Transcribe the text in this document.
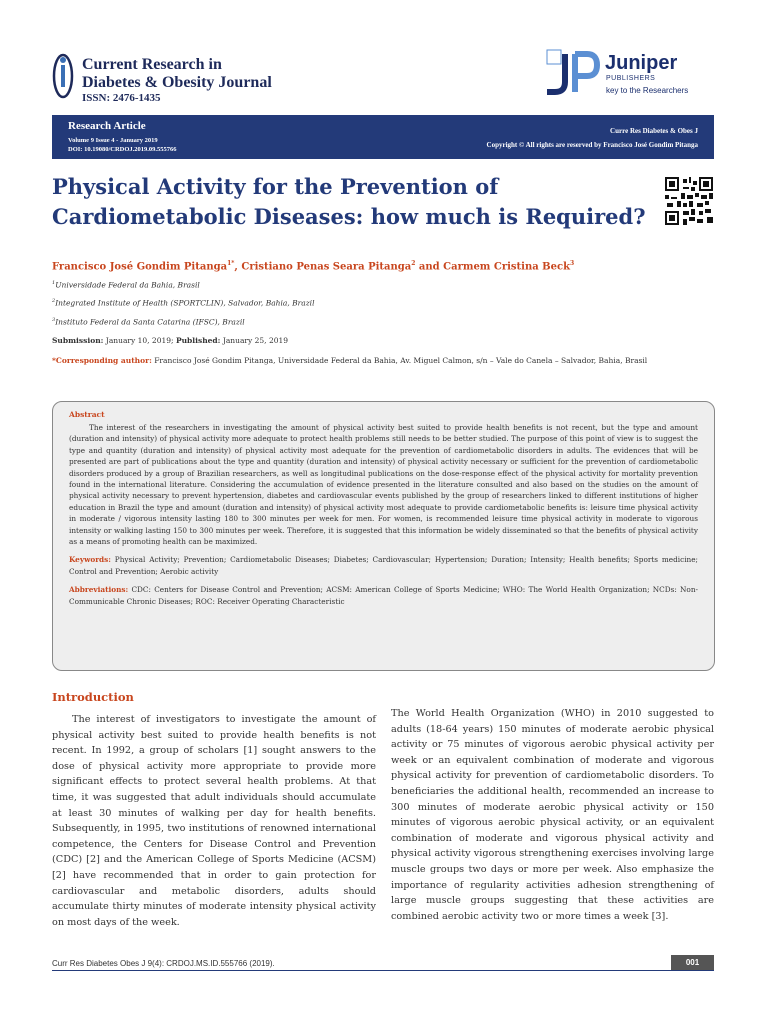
Current Research in
Diabetes & Obesity Journal
ISSN: 2476-1435
Juniper
PUBLISHERS
key to the Researchers
Research Article
Volume 9 Issue 4 - January 2019
DOI: 10.19080/CRDOJ.2019.09.555766
Curre Res Diabetes & Obes J
Copyright © All rights are reserved by Francisco José Gondim Pitanga
Physical Activity for the Prevention of
Cardiometabolic Diseases: how much is Required?
Francisco José Gondim Pitanga$^{1*}$, Cristiano Penas Seara Pitanga$^2$ and Carmem Cristina Beck$^3$
$^1$Universidade Federal da Bahia, Brasil
$^2$Integrated Institute of Health (SPORTCLIN), Salvador, Bahia, Brazil
$^3$Instituto Federal da Santa Catarina (IFSC), Brazil
Submission: January 10, 2019; Published: January 25, 2019
*Corresponding author: Francisco José Gondim Pitanga, Universidade Federal da Bahia, Av. Miguel Calmon, s/n – Vale do Canela – Salvador, Bahia, Brasil
Abstract
The interest of the researchers in investigating the amount of physical activity best suited to provide health benefits is not recent, but the type and amount (duration and intensity) of physical activity more adequate to protect health problems still needs to be better studied. The purpose of this point of view is to suggest the type and quantity (duration and intensity) of physical activity most adequate for the prevention of cardiometabolic disorders in adults. The evidences that will be presented are part of publications about the type and quantity (duration and intensity) of physical activity necessary or sufficient for the prevention of cardiometabolic disorders produced by a group of Brazilian researchers, as well as longitudinal publications on the dose-response effect of the physical activity for mortality prevention found in the international literature. Considering the accumulation of evidence presented in the literature consulted and also based on the studies on the amount of physical activity necessary to prevent hypertension, diabetes and cardiovascular events published by the group of researchers linked to different institutions of higher education in Brazil the type and amount (duration and intensity) of physical activity most adequate to provide cardiometabolic benefits is: leisure time physical activity in moderate / vigorous intensity lasting 180 to 300 minutes per week for men. For women, is recommended leisure time physical activity in moderate to vigorous intensity or walking lasting 150 to 300 minutes per week. Therefore, it is suggested that this information be widely disseminated so that the benefits of physical activity as a means of promoting health can be maximized.
Keywords: Physical Activity; Prevention; Cardiometabolic Diseases; Diabetes; Cardiovascular; Hypertension; Duration; Intensity; Health benefits; Sports medicine; Control and Prevention; Aerobic activity
Abbreviations: CDC: Centers for Disease Control and Prevention; ACSM: American College of Sports Medicine; WHO: The World Health Organization; NCDs: Non-Communicable Chronic Diseases; ROC: Receiver Operating Characteristic
Introduction
The interest of investigators to investigate the amount of physical activity best suited to provide health benefits is not recent. In 1992, a group of scholars [1] sought answers to the dose of physical activity more appropriate to provide more significant effects to protect several health problems. At that time, it was suggested that adult individuals should accumulate at least 30 minutes of walking per day for health benefits. Subsequently, in 1995, two institutions of renowned international competence, the Centers for Disease Control and Prevention (CDC) [2] and the American College of Sports Medicine (ACSM) [2] have recommended that in order to gain protection for cardiovascular and metabolic disorders, adults should accumulate thirty minutes of moderate intensity physical activity on most days of the week.
The World Health Organization (WHO) in 2010 suggested to adults (18-64 years) 150 minutes of moderate aerobic physical activity or 75 minutes of vigorous aerobic physical activity per week or an equivalent combination of moderate and vigorous physical activity for prevention of cardiometabolic disorders. To beneficiaries the additional health, recommended an increase to 300 minutes of moderate aerobic physical activity or 150 minutes of vigorous aerobic physical activity, or an equivalent combination of moderate and vigorous physical activity and physical activity vigorous strengthening exercises involving large muscle groups two days or more per week. Also emphasize the importance of regularity activities adhesion strengthening of large muscle groups suggesting that these activities are combined aerobic activity two or more times a week [3].
Curr Res Diabetes Obes J 9(4): CRDOJ.MS.ID.555766 (2019).	001
